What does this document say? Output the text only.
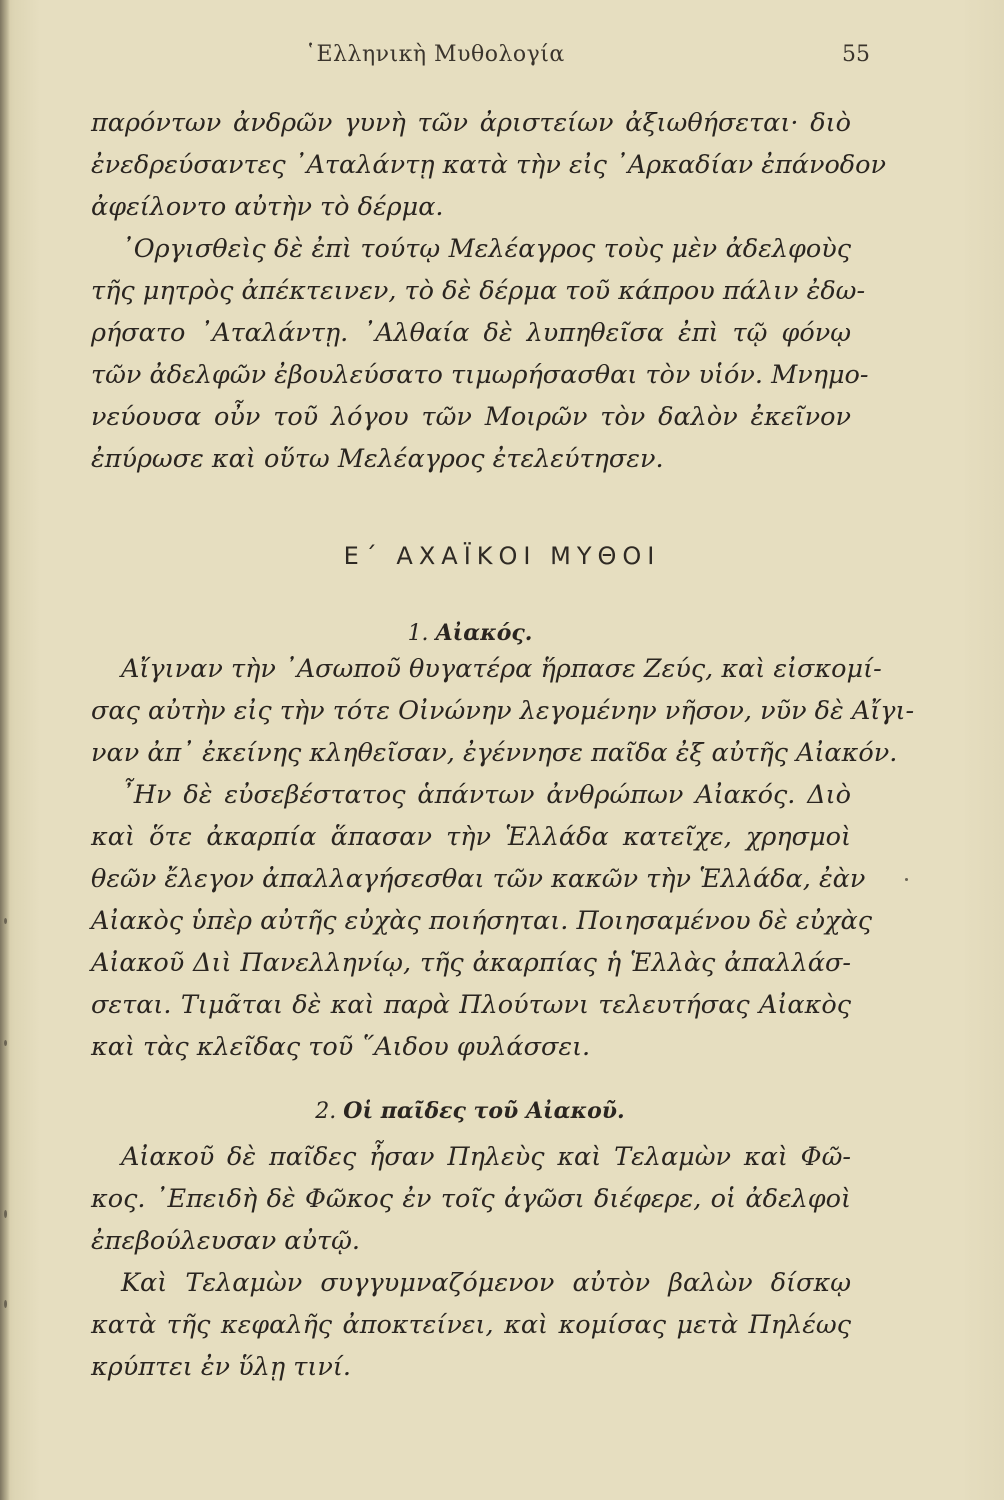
῾Ελληνικὴ Μυθολογία	55
παρόντων ἀνδρῶν γυνὴ τῶν ἀριστείων ἀξιωθήσεται· διὸ
ἐνεδρεύσαντες ᾿Αταλάντῃ κατὰ τὴν εἰς ᾿Αρκαδίαν ἐπάνοδον
ἀφείλοντο αὐτὴν τὸ δέρμα.
᾿Οργισθεὶς δὲ ἐπὶ τούτῳ Μελέαγρος τοὺς μὲν ἀδελφοὺς
τῆς μητρὸς ἀπέκτεινεν, τὸ δὲ δέρμα τοῦ κάπρου πάλιν ἐδω-
ρήσατο ᾿Αταλάντῃ. ᾿Αλθαία δὲ λυπηθεῖσα ἐπὶ τῷ φόνῳ
τῶν ἀδελφῶν ἐβουλεύσατο τιμωρήσασθαι τὸν υἱόν. Μνημο-
νεύουσα οὖν τοῦ λόγου τῶν Μοιρῶν τὸν δαλὸν ἐκεῖνον
ἐπύρωσε καὶ οὕτω Μελέαγρος ἐτελεύτησεν.
Ε΄ ΑΧΑΪΚΟΙ ΜΥΘΟΙ
1. Αἰακός.
Αἴγιναν τὴν ᾿Ασωποῦ θυγατέρα ἥρπασε Ζεύς, καὶ εἰσκομί-
σας αὐτὴν εἰς τὴν τότε Οἰνώνην λεγομένην νῆσον, νῦν δὲ Αἴγι-
ναν ἀπ᾿ ἐκείνης κληθεῖσαν, ἐγέννησε παῖδα ἐξ αὐτῆς Αἰακόν.
῏Ην δὲ εὐσεβέστατος ἁπάντων ἀνθρώπων Αἰακός. Διὸ
καὶ ὅτε ἀκαρπία ἅπασαν τὴν Ἑλλάδα κατεῖχε, χρησμοὶ
θεῶν ἔλεγον ἀπαλλαγήσεσθαι τῶν κακῶν τὴν Ἑλλάδα, ἐὰν
Αἰακὸς ὑπὲρ αὐτῆς εὐχὰς ποιήσηται. Ποιησαμένου δὲ εὐχὰς
Αἰακοῦ Διὶ Πανελληνίῳ, τῆς ἀκαρπίας ἡ Ἑλλὰς ἀπαλλάσ-
σεται. Τιμᾶται δὲ καὶ παρὰ Πλούτωνι τελευτήσας Αἰακὸς
καὶ τὰς κλεῖδας τοῦ ῞Αιδου φυλάσσει.
2. Οἱ παῖδες τοῦ Αἰακοῦ.
Αἰακοῦ δὲ παῖδες ἦσαν Πηλεὺς καὶ Τελαμὼν καὶ Φῶ-
κος. ᾿Επειδὴ δὲ Φῶκος ἐν τοῖς ἀγῶσι διέφερε, οἱ ἀδελφοὶ
ἐπεβούλευσαν αὐτῷ.
Καὶ Τελαμὼν συγγυμναζόμενον αὐτὸν βαλὼν δίσκῳ
κατὰ τῆς κεφαλῆς ἀποκτείνει, καὶ κομίσας μετὰ Πηλέως
κρύπτει ἐν ὕλῃ τινί.
